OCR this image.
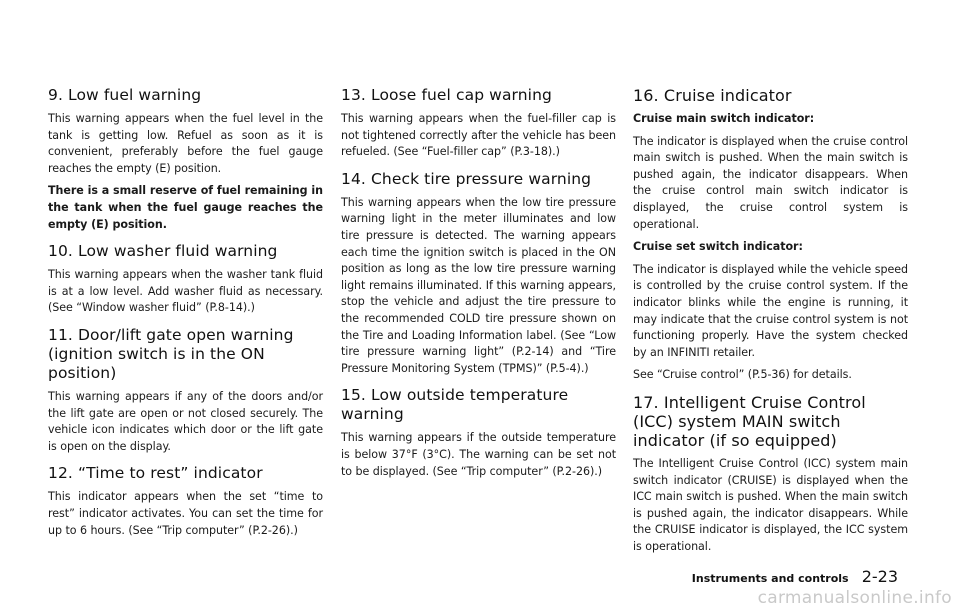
9. Low fuel warning

This warning appears when the fuel level in the tank is getting low. Refuel as soon as it is convenient, preferably before the fuel gauge reaches the empty (E) position.

There is a small reserve of fuel remaining in the tank when the fuel gauge reaches the empty (E) position.

10. Low washer fluid warning

This warning appears when the washer tank fluid is at a low level. Add washer fluid as necessary. (See “Window washer fluid” (P.8-14).)

11. Door/lift gate open warning (ignition switch is in the ON position)

This warning appears if any of the doors and/or the lift gate are open or not closed securely. The vehicle icon indicates which door or the lift gate is open on the display.

12. “Time to rest” indicator

This indicator appears when the set “time to rest” indicator activates. You can set the time for up to 6 hours. (See “Trip computer” (P.2-26).)

13. Loose fuel cap warning

This warning appears when the fuel-filler cap is not tightened correctly after the vehicle has been refueled. (See “Fuel-filler cap” (P.3-18).)

14. Check tire pressure warning

This warning appears when the low tire pressure warning light in the meter illuminates and low tire pressure is detected. The warning appears each time the ignition switch is placed in the ON position as long as the low tire pressure warning light remains illuminated. If this warning appears, stop the vehicle and adjust the tire pressure to the recommended COLD tire pressure shown on the Tire and Loading Information label. (See “Low tire pressure warning light” (P.2-14) and “Tire Pressure Monitoring System (TPMS)” (P.5-4).)

15. Low outside temperature warning

This warning appears if the outside temperature is below 37°F (3°C). The warning can be set not to be displayed. (See “Trip computer” (P.2-26).)

16. Cruise indicator

Cruise main switch indicator:

The indicator is displayed when the cruise control main switch is pushed. When the main switch is pushed again, the indicator disappears. When the cruise control main switch indicator is displayed, the cruise control system is operational.

Cruise set switch indicator:

The indicator is displayed while the vehicle speed is controlled by the cruise control system. If the indicator blinks while the engine is running, it may indicate that the cruise control system is not functioning properly. Have the system checked by an INFINITI retailer.

See “Cruise control” (P.5-36) for details.

17. Intelligent Cruise Control (ICC) system MAIN switch indicator (if so equipped)

The Intelligent Cruise Control (ICC) system main switch indicator (CRUISE) is displayed when the ICC main switch is pushed. When the main switch is pushed again, the indicator disappears. While the CRUISE indicator is displayed, the ICC system is operational.

Instruments and controls 2-23
carmanualsonline.info
